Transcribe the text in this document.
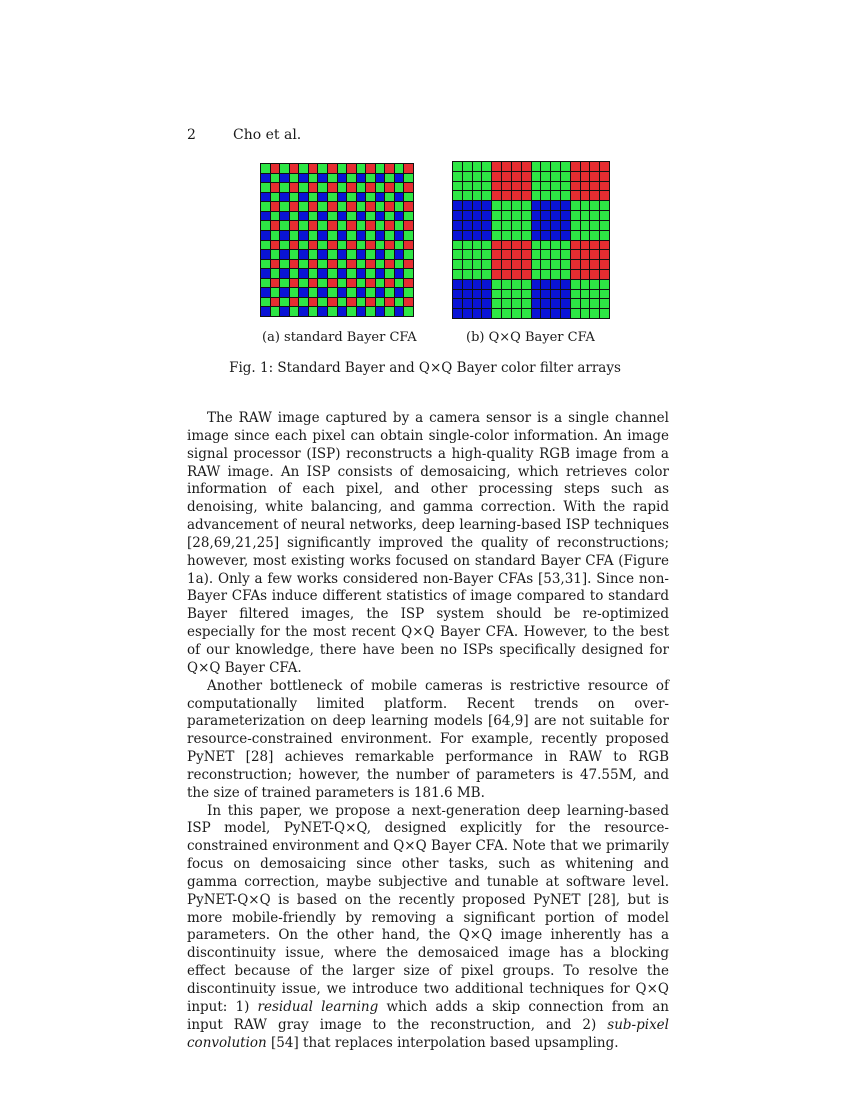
2	Cho et al.
(a) standard Bayer CFA	(b) Q×Q Bayer CFA
Fig. 1: Standard Bayer and Q×Q Bayer color filter arrays

The RAW image captured by a camera sensor is a single channel image since each pixel can obtain single-color information. An image signal processor (ISP) reconstructs a high-quality RGB image from a RAW image. An ISP consists of demosaicing, which retrieves color information of each pixel, and other processing steps such as denoising, white balancing, and gamma correction. With the rapid advancement of neural networks, deep learning-based ISP techniques [28,69,21,25] significantly improved the quality of reconstructions; however, most existing works focused on standard Bayer CFA (Figure 1a). Only a few works considered non-Bayer CFAs [53,31]. Since non-Bayer CFAs induce different statistics of image compared to standard Bayer filtered images, the ISP system should be re-optimized especially for the most recent Q×Q Bayer CFA. However, to the best of our knowledge, there have been no ISPs specifically designed for Q×Q Bayer CFA.

Another bottleneck of mobile cameras is restrictive resource of computationally limited platform. Recent trends on over-parameterization on deep learning models [64,9] are not suitable for resource-constrained environment. For example, recently proposed PyNET [28] achieves remarkable performance in RAW to RGB reconstruction; however, the number of parameters is 47.55M, and the size of trained parameters is 181.6 MB.

In this paper, we propose a next-generation deep learning-based ISP model, PyNET-Q×Q, designed explicitly for the resource-constrained environment and Q×Q Bayer CFA. Note that we primarily focus on demosaicing since other tasks, such as whitening and gamma correction, maybe subjective and tunable at software level. PyNET-Q×Q is based on the recently proposed PyNET [28], but is more mobile-friendly by removing a significant portion of model parameters. On the other hand, the Q×Q image inherently has a discontinuity issue, where the demosaiced image has a blocking effect because of the larger size of pixel groups. To resolve the discontinuity issue, we introduce two additional techniques for Q×Q input: 1) residual learning which adds a skip connection from an input RAW gray image to the reconstruction, and 2) sub-pixel convolution [54] that replaces interpolation based upsampling.
